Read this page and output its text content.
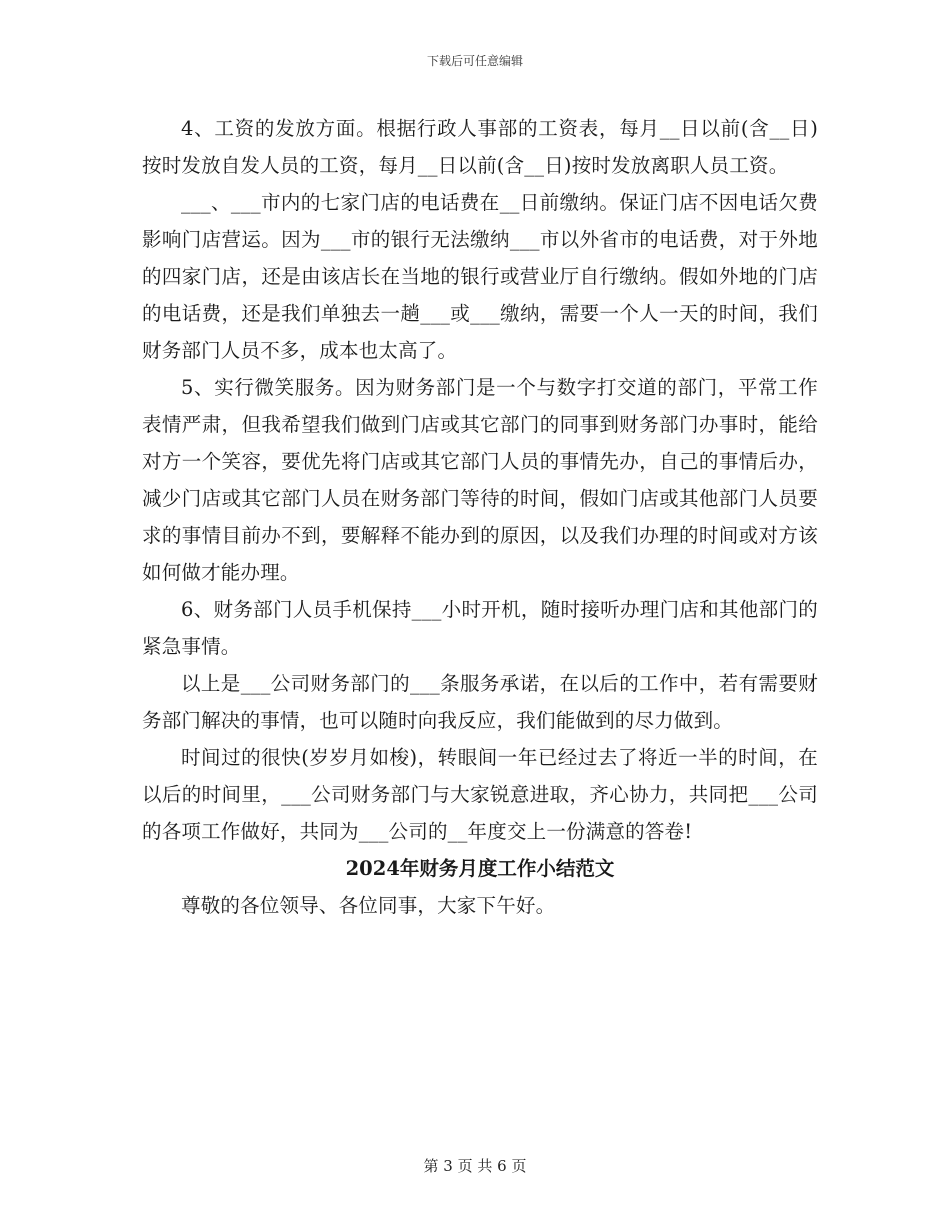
下载后可任意编辑

4、工资的发放方面。根据行政人事部的工资表，每月__日以前(含__日)按时发放自发人员的工资，每月__日以前(含__日)按时发放离职人员工资。

___、___市内的七家门店的电话费在__日前缴纳。保证门店不因电话欠费影响门店营运。因为___市的银行无法缴纳___市以外省市的电话费，对于外地的四家门店，还是由该店长在当地的银行或营业厅自行缴纳。假如外地的门店的电话费，还是我们单独去一趟___或___缴纳，需要一个人一天的时间，我们财务部门人员不多，成本也太高了。

5、实行微笑服务。因为财务部门是一个与数字打交道的部门，平常工作表情严肃，但我希望我们做到门店或其它部门的同事到财务部门办事时，能给对方一个笑容，要优先将门店或其它部门人员的事情先办，自己的事情后办，减少门店或其它部门人员在财务部门等待的时间，假如门店或其他部门人员要求的事情目前办不到，要解释不能办到的原因，以及我们办理的时间或对方该如何做才能办理。

6、财务部门人员手机保持___小时开机，随时接听办理门店和其他部门的紧急事情。

以上是___公司财务部门的___条服务承诺，在以后的工作中，若有需要财务部门解决的事情，也可以随时向我反应，我们能做到的尽力做到。

时间过的很快(岁岁月如梭)，转眼间一年已经过去了将近一半的时间，在以后的时间里，___公司财务部门与大家锐意进取，齐心协力，共同把___公司的各项工作做好，共同为___公司的__年度交上一份满意的答卷!

2024年财务月度工作小结范文

尊敬的各位领导、各位同事，大家下午好。

第 3 页 共 6 页
